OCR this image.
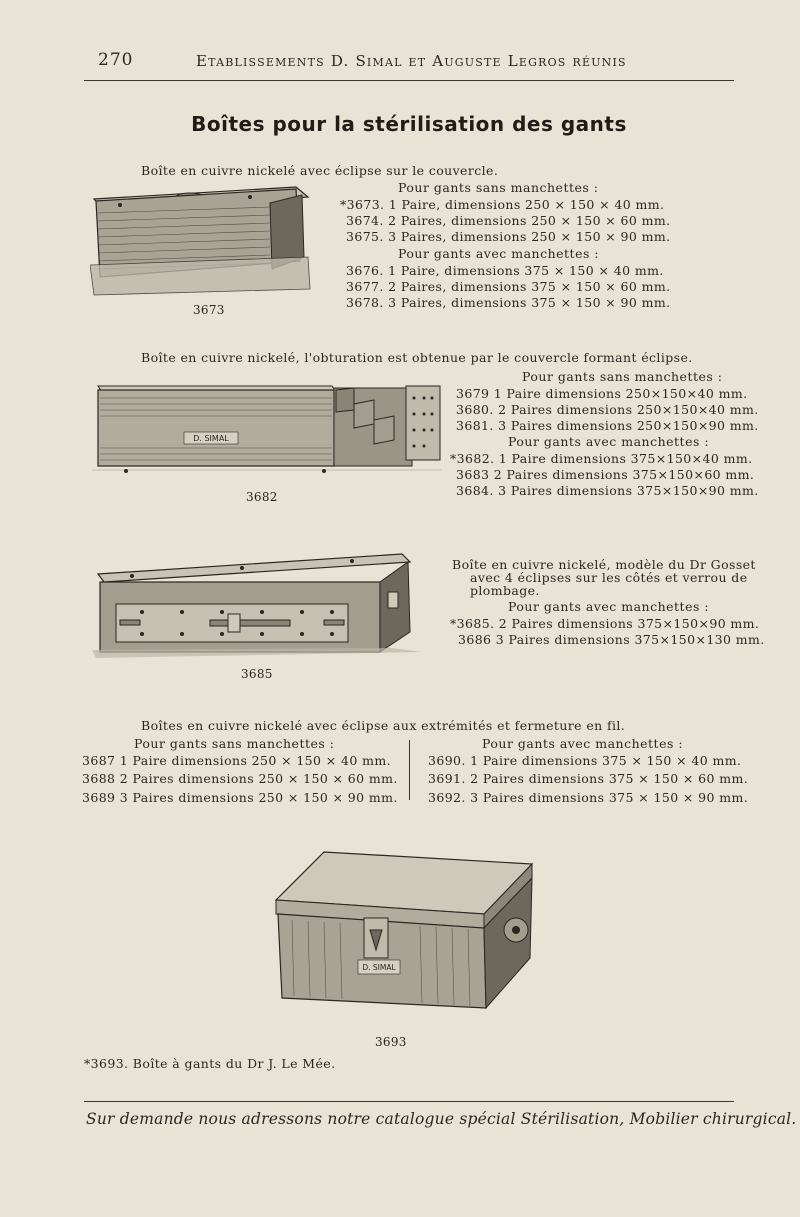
270	Etablissements D. Simal et Auguste Legros réunis
Boîtes pour la stérilisation des gants
Boîte en cuivre nickelé avec éclipse sur le couvercle.
3673
Pour gants sans manchettes :
*3673. 1 Paire, dimensions 250 × 150 × 40 mm.
3674. 2 Paires, dimensions 250 × 150 × 60 mm.
3675. 3 Paires, dimensions 250 × 150 × 90 mm.
Pour gants avec manchettes :
3676. 1 Paire, dimensions 375 × 150 × 40 mm.
3677. 2 Paires, dimensions 375 × 150 × 60 mm.
3678. 3 Paires, dimensions 375 × 150 × 90 mm.
Boîte en cuivre nickelé, l'obturation est obtenue par le couvercle formant éclipse.
D. SIMAL
3682
Pour gants sans manchettes :
3679 1 Paire dimensions 250×150×40 mm.
3680. 2 Paires dimensions 250×150×40 mm.
3681. 3 Paires dimensions 250×150×90 mm.
Pour gants avec manchettes :
*3682. 1 Paire dimensions 375×150×40 mm.
3683 2 Paires dimensions 375×150×60 mm.
3684. 3 Paires dimensions 375×150×90 mm.
3685
Boîte en cuivre nickelé, modèle du Dr Gosset
avec 4 éclipses sur les côtés et verrou de
plombage.
Pour gants avec manchettes :
*3685. 2 Paires dimensions 375×150×90 mm.
3686 3 Paires dimensions 375×150×130 mm.
Boîtes en cuivre nickelé avec éclipse aux extrémités et fermeture en fil.
Pour gants sans manchettes :
3687 1 Paire dimensions 250 × 150 × 40 mm.
3688 2 Paires dimensions 250 × 150 × 60 mm.
3689 3 Paires dimensions 250 × 150 × 90 mm.
Pour gants avec manchettes :
3690. 1 Paire dimensions 375 × 150 × 40 mm.
3691. 2 Paires dimensions 375 × 150 × 60 mm.
3692. 3 Paires dimensions 375 × 150 × 90 mm.
D. SIMAL
3693
*3693. Boîte à gants du Dr J. Le Mée.
Sur demande nous adressons notre catalogue spécial Stérilisation, Mobilier chirurgical.
